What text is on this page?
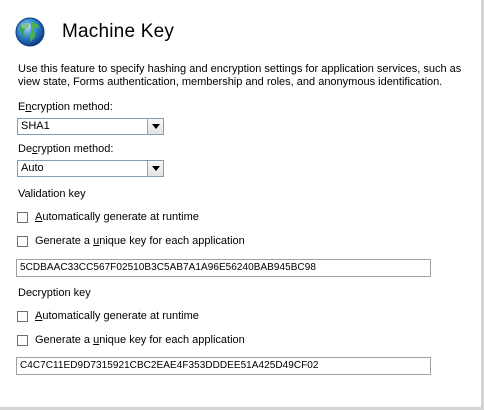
Machine Key
Use this feature to specify hashing and encryption settings for application services, such as view state, Forms authentication, membership and roles, and anonymous identification.
Encryption method:
SHA1
Decryption method:
Auto
Validation key
Automatically generate at runtime
Generate a unique key for each application
5CDBAAC33CC567F02510B3C5AB7A1A96E56240BAB945BC98
Decryption key
Automatically generate at runtime
Generate a unique key for each application
C4C7C11ED9D7315921CBC2EAE4F353DDDEE51A425D49CF02
